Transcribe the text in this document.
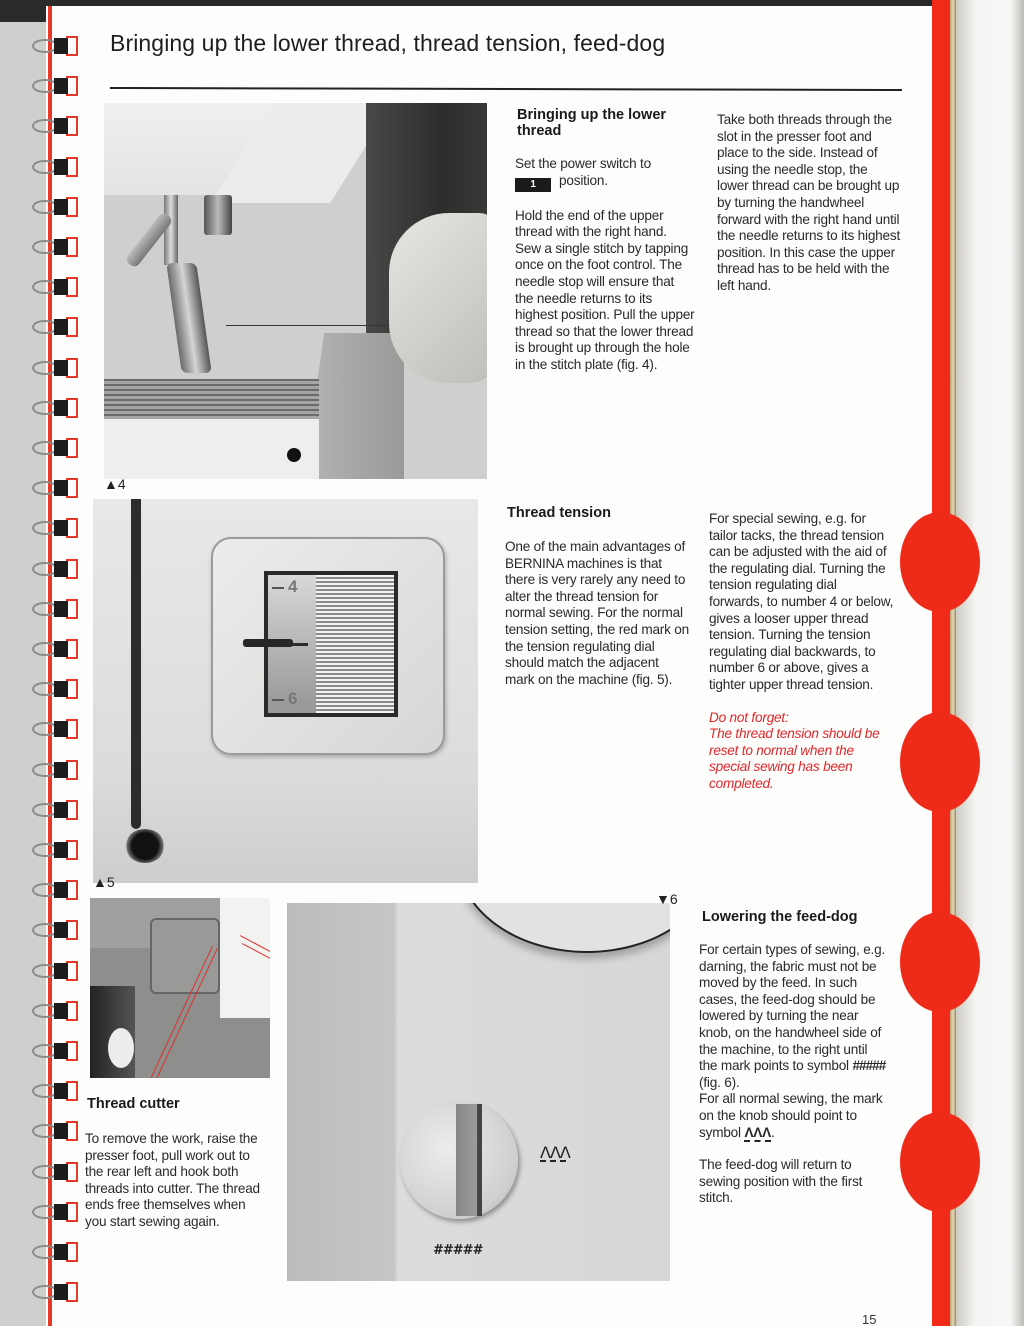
Bringing up the lower thread, thread tension, feed-dog
▲4
Bringing up the lower thread

Set the power switch to
1 position.

Hold the end of the upper thread with the right hand. Sew a single stitch by tapping once on the foot control. The needle stop will ensure that the needle returns to its highest position. Pull the upper thread so that the lower thread is brought up through the hole in the stitch plate (fig. 4).

Take both threads through the slot in the presser foot and place to the side. Instead of using the needle stop, the lower thread can be brought up by turning the handwheel forward with the right hand until the needle returns to its highest position. In this case the upper thread has to be held with the left hand.
4
6
▲5
Thread tension
One of the main advantages of BERNINA machines is that there is very rarely any need to alter the thread tension for normal sewing. For the normal tension setting, the red mark on the tension regulating dial should match the adjacent mark on the machine (fig. 5).

For special sewing, e.g. for tailor tacks, the thread tension can be adjusted with the aid of the regulating dial. Turning the tension regulating dial forwards, to number 4 or below, gives a looser upper thread tension. Turning the tension regulating dial backwards, to number 6 or above, gives a tighter upper thread tension.

Do not forget:
The thread tension should be reset to normal when the special sewing has been completed.

Thread cutter
To remove the work, raise the presser foot, pull work out to the rear left and hook both threads into cutter. The thread ends free themselves when you start sewing again.
ΛΛΛ
#####
▼6
Lowering the feed-dog

For certain types of sewing, e.g. darning, the fabric must not be moved by the feed. In such cases, the feed-dog should be lowered by turning the near knob, on the handwheel side of the machine, to the right until the mark points to symbol ##### (fig. 6).

For all normal sewing, the mark on the knob should point to symbol ΛΛΛ.

The feed-dog will return to sewing position with the first stitch.

15
